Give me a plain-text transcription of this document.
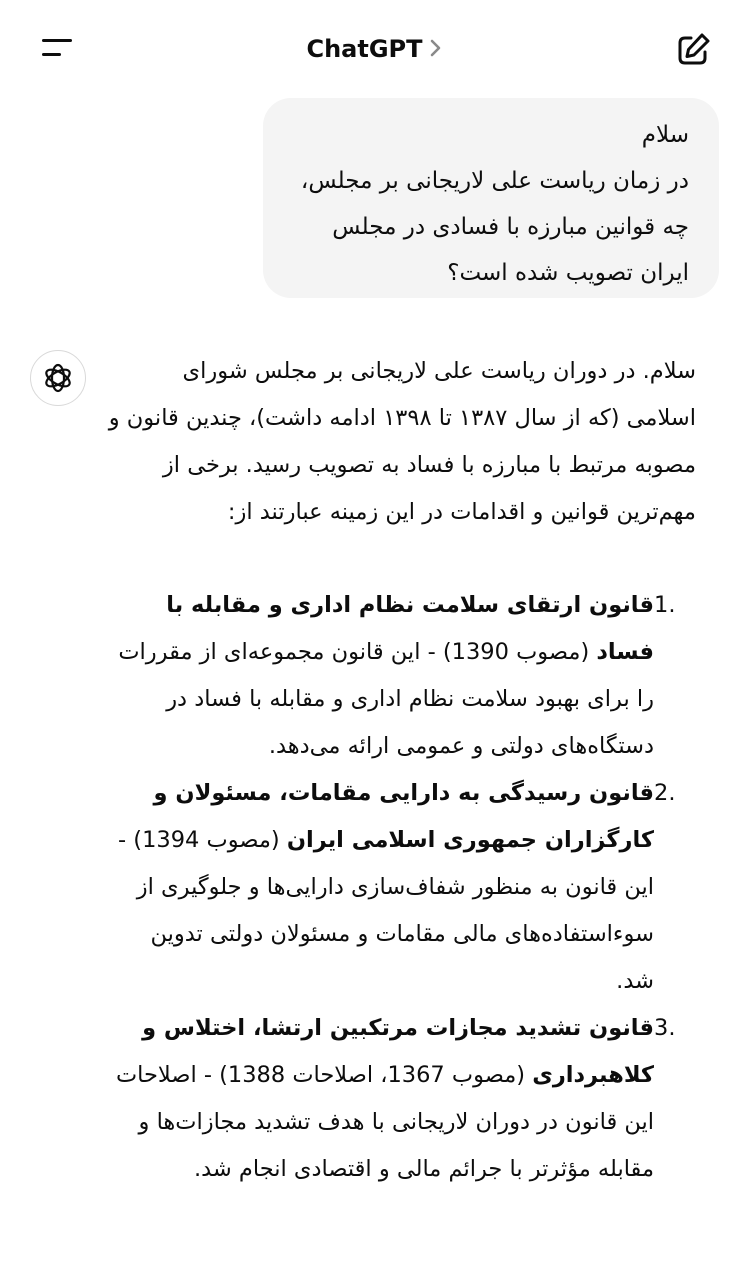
ChatGPT

سلام

در زمان ریاست علی لاریجانی بر مجلس،

چه قوانین مبارزه با فسادی در مجلس

ایران تصویب شده است؟

سلام. در دوران ریاست علی لاریجانی بر مجلس شورای اسلامی (که از سال ۱۳۸۷ تا ۱۳۹۸ ادامه داشت)، چندین قانون و مصوبه مرتبط با مبارزه با فساد به تصویب رسید. برخی از مهم‌ترین قوانین و اقدامات در این زمینه عبارتند از:

1.
قانون ارتقای سلامت نظام اداری و مقابله با فساد (مصوب 1390) - این قانون مجموعه‌ای از مقررات را برای بهبود سلامت نظام اداری و مقابله با فساد در دستگاه‌های دولتی و عمومی ارائه می‌دهد.
2.
قانون رسیدگی به دارایی مقامات، مسئولان و کارگزاران جمهوری اسلامی ایران (مصوب 1394) - این قانون به منظور شفاف‌سازی دارایی‌ها و جلوگیری از سوءاستفاده‌های مالی مقامات و مسئولان دولتی تدوین شد.
3.
قانون تشدید مجازات مرتکبین ارتشا، اختلاس و کلاهبرداری (مصوب 1367، اصلاحات 1388) - اصلاحات این قانون در دوران لاریجانی با هدف تشدید مجازات‌ها و مقابله مؤثرتر با جرائم مالی و اقتصادی انجام شد.
